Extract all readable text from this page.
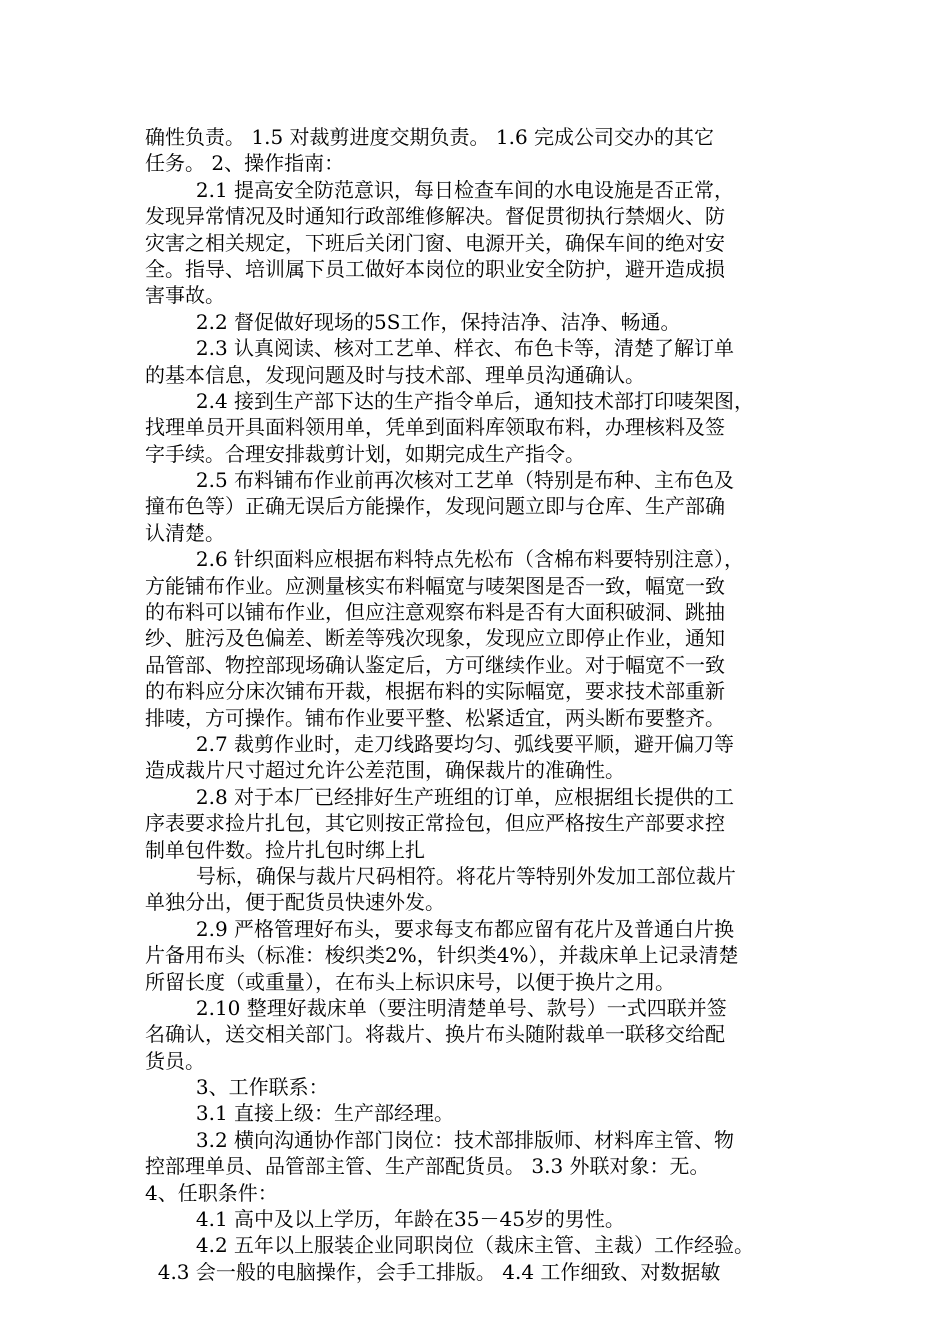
确性负责。 1.5 对裁剪进度交期负责。 1.6 完成公司交办的其它
任务。 2、操作指南：
2.1 提高安全防范意识，每日检查车间的水电设施是否正常，
发现异常情况及时通知行政部维修解决。督促贯彻执行禁烟火、防
灾害之相关规定，下班后关闭门窗、电源开关，确保车间的绝对安
全。指导、培训属下员工做好本岗位的职业安全防护，避开造成损
害事故。
2.2 督促做好现场的5S工作，保持洁净、洁净、畅通。
2.3 认真阅读、核对工艺单、样衣、布色卡等，清楚了解订单
的基本信息，发现问题及时与技术部、理单员沟通确认。
2.4 接到生产部下达的生产指令单后，通知技术部打印唛架图，
找理单员开具面料领用单，凭单到面料库领取布料，办理核料及签
字手续。合理安排裁剪计划，如期完成生产指令。
2.5 布料铺布作业前再次核对工艺单（特别是布种、主布色及
撞布色等）正确无误后方能操作，发现问题立即与仓库、生产部确
认清楚。
2.6 针织面料应根据布料特点先松布（含棉布料要特别注意），
方能铺布作业。应测量核实布料幅宽与唛架图是否一致，幅宽一致
的布料可以铺布作业，但应注意观察布料是否有大面积破洞、跳抽
纱、脏污及色偏差、断差等残次现象，发现应立即停止作业，通知
品管部、物控部现场确认鉴定后，方可继续作业。对于幅宽不一致
的布料应分床次铺布开裁，根据布料的实际幅宽，要求技术部重新
排唛，方可操作。铺布作业要平整、松紧适宜，两头断布要整齐。
2.7 裁剪作业时，走刀线路要均匀、弧线要平顺，避开偏刀等
造成裁片尺寸超过允许公差范围，确保裁片的准确性。
2.8 对于本厂已经排好生产班组的订单，应根据组长提供的工
序表要求捡片扎包，其它则按正常捡包，但应严格按生产部要求控
制单包件数。捡片扎包时绑上扎
号标，确保与裁片尺码相符。将花片等特别外发加工部位裁片
单独分出，便于配货员快速外发。
2.9 严格管理好布头，要求每支布都应留有花片及普通白片换
片备用布头（标准：梭织类2%，针织类4%），并裁床单上记录清楚
所留长度（或重量），在布头上标识床号，以便于换片之用。
2.10 整理好裁床单（要注明清楚单号、款号）一式四联并签
名确认，送交相关部门。将裁片、换片布头随附裁单一联移交给配
货员。
3、工作联系：
3.1 直接上级：生产部经理。
3.2 横向沟通协作部门岗位：技术部排版师、材料库主管、物
控部理单员、品管部主管、生产部配货员。 3.3 外联对象：无。
4、任职条件：
4.1 高中及以上学历，年龄在35－45岁的男性。
4.2 五年以上服装企业同职岗位（裁床主管、主裁）工作经验。
4.3 会一般的电脑操作，会手工排版。 4.4 工作细致、对数据敏
